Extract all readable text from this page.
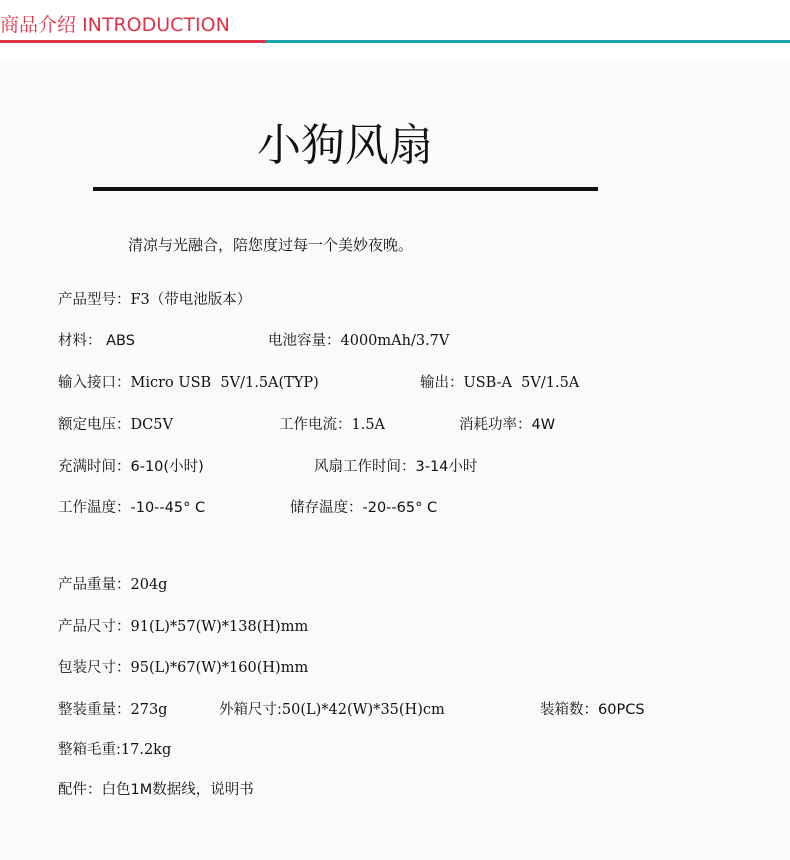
商品介绍 INTRODUCTION
小狗风扇
清凉与光融合，陪您度过每一个美妙夜晚。
产品型号：F3（带电池版本）
材料： ABS	电池容量：4000mAh/3.7V
输入接口：Micro USB  5V/1.5A(TYP)	输出：USB-A  5V/1.5A
额定电压：DC5V	工作电流：1.5A	消耗功率：4W
充满时间：6-10(小时)	风扇工作时间：3-14小时
工作温度：-10--45° C	储存温度：-20--65° C
产品重量：204g
产品尺寸：91(L)*57(W)*138(H)mm
包装尺寸：95(L)*67(W)*160(H)mm
整装重量：273g	外箱尺寸:50(L)*42(W)*35(H)cm	装箱数：60PCS
整箱毛重:17.2kg
配件：白色1M数据线，说明书
